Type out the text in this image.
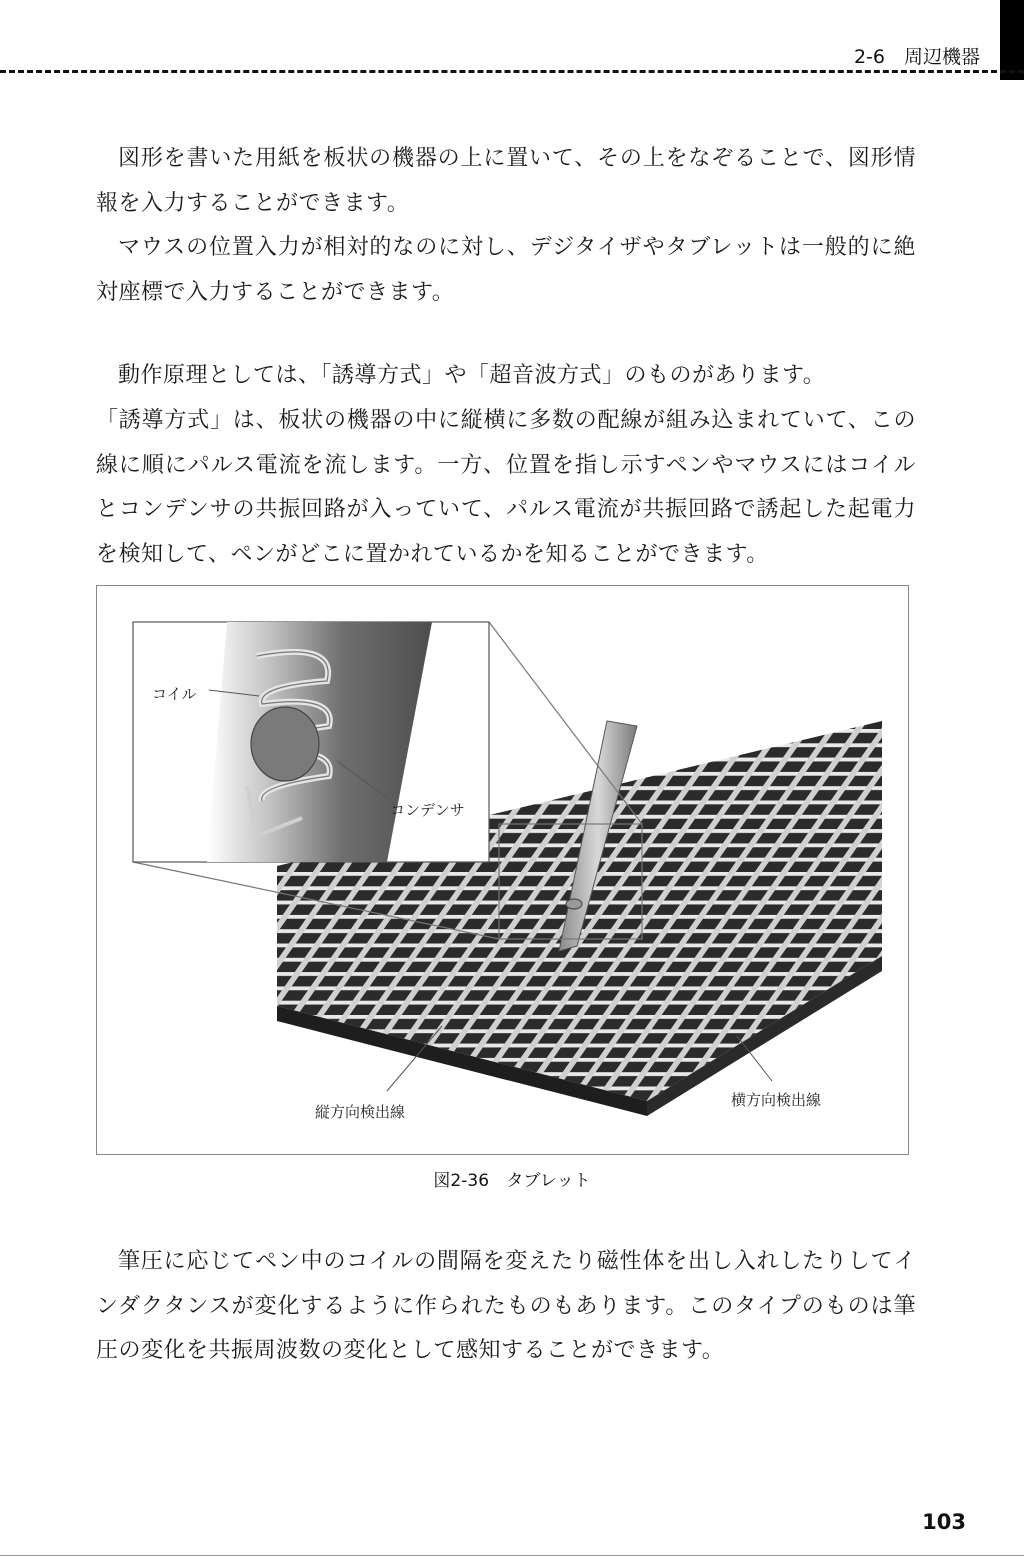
2-6　周辺機器

図形を書いた用紙を板状の機器の上に置いて、その上をなぞることで、図形情報を入力することができます。

マウスの位置入力が相対的なのに対し、デジタイザやタブレットは一般的に絶対座標で入力することができます。

動作原理としては、「誘導方式」や「超音波方式」のものがあります。

「誘導方式」は、板状の機器の中に縦横に多数の配線が組み込まれていて、この線に順にパルス電流を流します。一方、位置を指し示すペンやマウスにはコイルとコンデンサの共振回路が入っていて、パルス電流が共振回路で誘起した起電力を検知して、ペンがどこに置かれているかを知ることができます。

コイル
コンデンサ
縦方向検出線
横方向検出線
図2-36 タブレット

筆圧に応じてペン中のコイルの間隔を変えたり磁性体を出し入れしたりしてインダクタンスが変化するように作られたものもあります。このタイプのものは筆圧の変化を共振周波数の変化として感知することができます。

103
